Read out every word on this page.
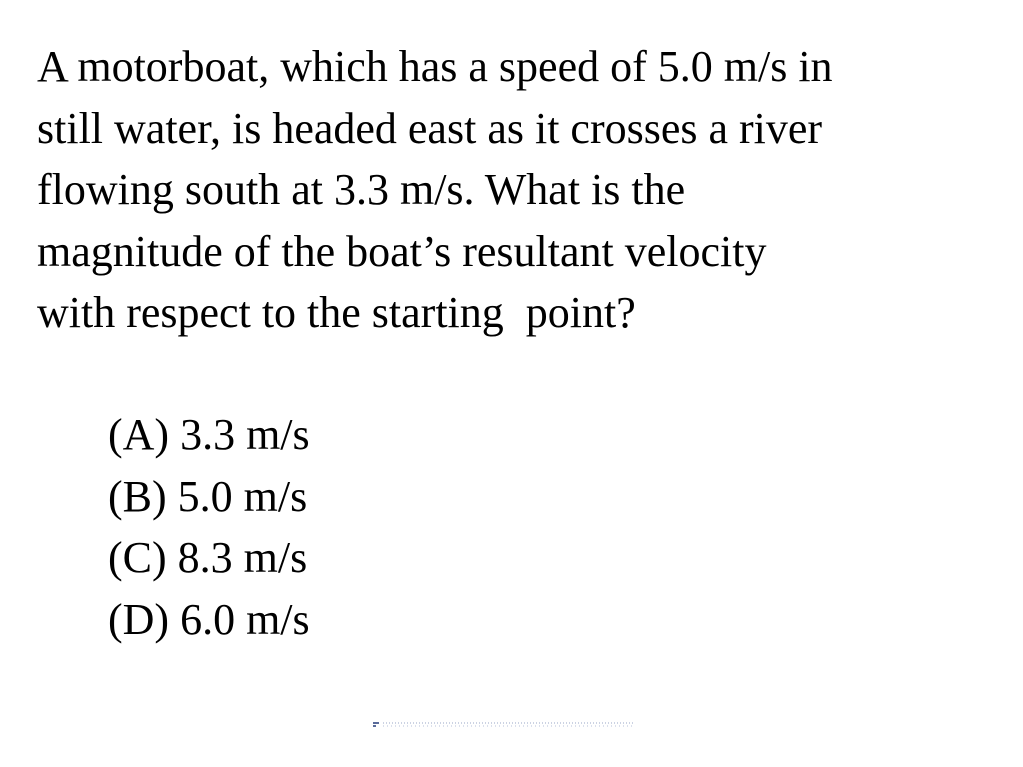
A motorboat, which has a speed of 5.0 m/s in
still water, is headed east as it crosses a river
flowing south at 3.3 m/s. What is the
magnitude of the boat’s resultant velocity
with respect to the starting  point?

(A) 3.3 m/s
(B) 5.0 m/s
(C) 8.3 m/s
(D) 6.0 m/s
